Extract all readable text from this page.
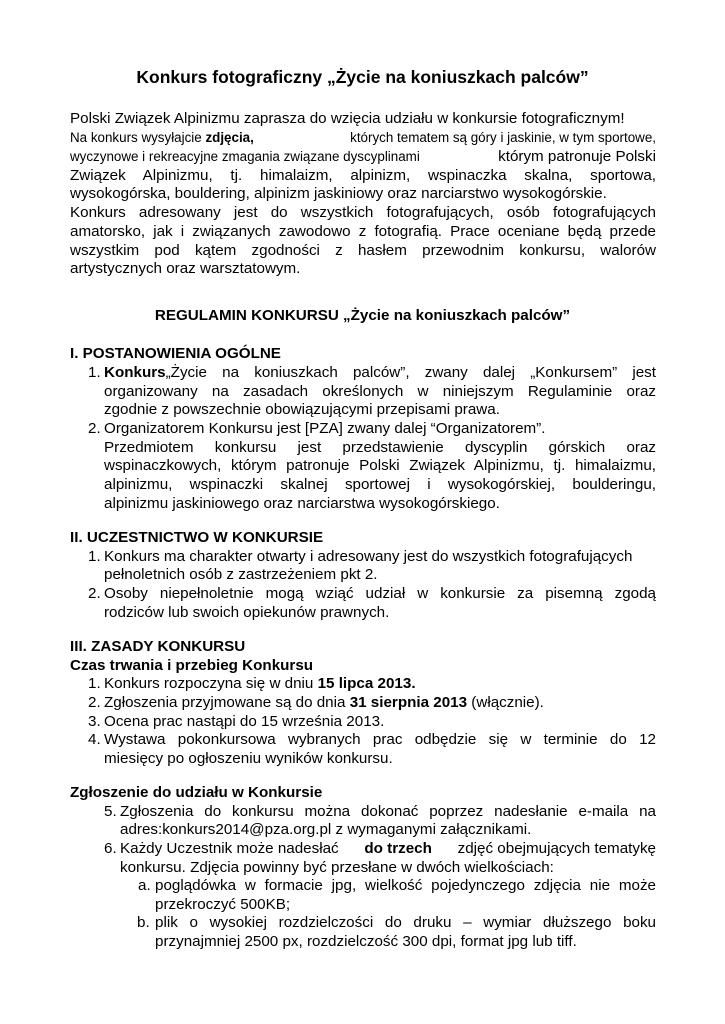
Konkurs fotograficzny „Życie na koniuszkach palców”
Polski Związek Alpinizmu zaprasza do wzięcia udziału w konkursie fotograficznym!
Na konkurs wysyłajcie zdjęcia,	których tematem są góry i jaskinie, w tym sportowe,
wyczynowe i rekreacyjne zmagania związane dyscyplinami	którym patronuje Polski
Związek Alpinizmu, tj. himalaizm, alpinizm, wspinaczka skalna, sportowa,
wysokogórska, bouldering, alpinizm jaskiniowy oraz narciarstwo wysokogórskie.
Konkurs adresowany jest do wszystkich fotografujących, osób fotografujących
amatorsko, jak i związanych zawodowo z fotografią. Prace oceniane będą przede
wszystkim pod kątem zgodności z hasłem przewodnim konkursu, walorów
artystycznych oraz warsztatowym.
REGULAMIN KONKURSU „Życie na koniuszkach palców”
I. POSTANOWIENIA OGÓLNE
1. Konkurs „Życie na koniuszkach palców”, zwany dalej „Konkursem” jest
organizowany na zasadach określonych w niniejszym Regulaminie oraz
zgodnie z powszechnie obowiązującymi przepisami prawa.
2. Organizatorem Konkursu jest [PZA] zwany dalej “Organizatorem”.
Przedmiotem konkursu jest przedstawienie dyscyplin górskich oraz
wspinaczkowych, którym patronuje Polski Związek Alpinizmu, tj. himalaizmu,
alpinizmu, wspinaczki skalnej sportowej i wysokogórskiej, boulderingu,
alpinizmu jaskiniowego oraz narciarstwa wysokogórskiego.
II. UCZESTNICTWO W KONKURSIE
1. Konkurs ma charakter otwarty i adresowany jest do wszystkich fotografujących
pełnoletnich osób z zastrzeżeniem pkt 2.
2. Osoby niepełnoletnie mogą wziąć udział w konkursie za pisemną zgodą
rodziców lub swoich opiekunów prawnych.
III. ZASADY KONKURSU
Czas trwania i przebieg Konkursu
1. Konkurs rozpoczyna się w dniu 15 lipca 2013.
2. Zgłoszenia przyjmowane są do dnia 31 sierpnia 2013 (włącznie).
3. Ocena prac nastąpi do 15 września 2013.
4. Wystawa pokonkursowa wybranych prac odbędzie się w terminie do 12
miesięcy po ogłoszeniu wyników konkursu.
Zgłoszenie do udziału w Konkursie
5. Zgłoszenia do konkursu można dokonać poprzez nadesłanie e-maila na
adres:konkurs2014@pza.org.pl z wymaganymi załącznikami.
6. Każdy Uczestnik może nadesłać do trzech zdjęć obejmujących tematykę
konkursu. Zdjęcia powinny być przesłane w dwóch wielkościach:
a. poglądówka w formacie jpg, wielkość pojedynczego zdjęcia nie może
przekroczyć 500KB;
b. plik o wysokiej rozdzielczości do druku – wymiar dłuższego boku
przynajmniej 2500 px, rozdzielczość 300 dpi, format jpg lub tiff.
